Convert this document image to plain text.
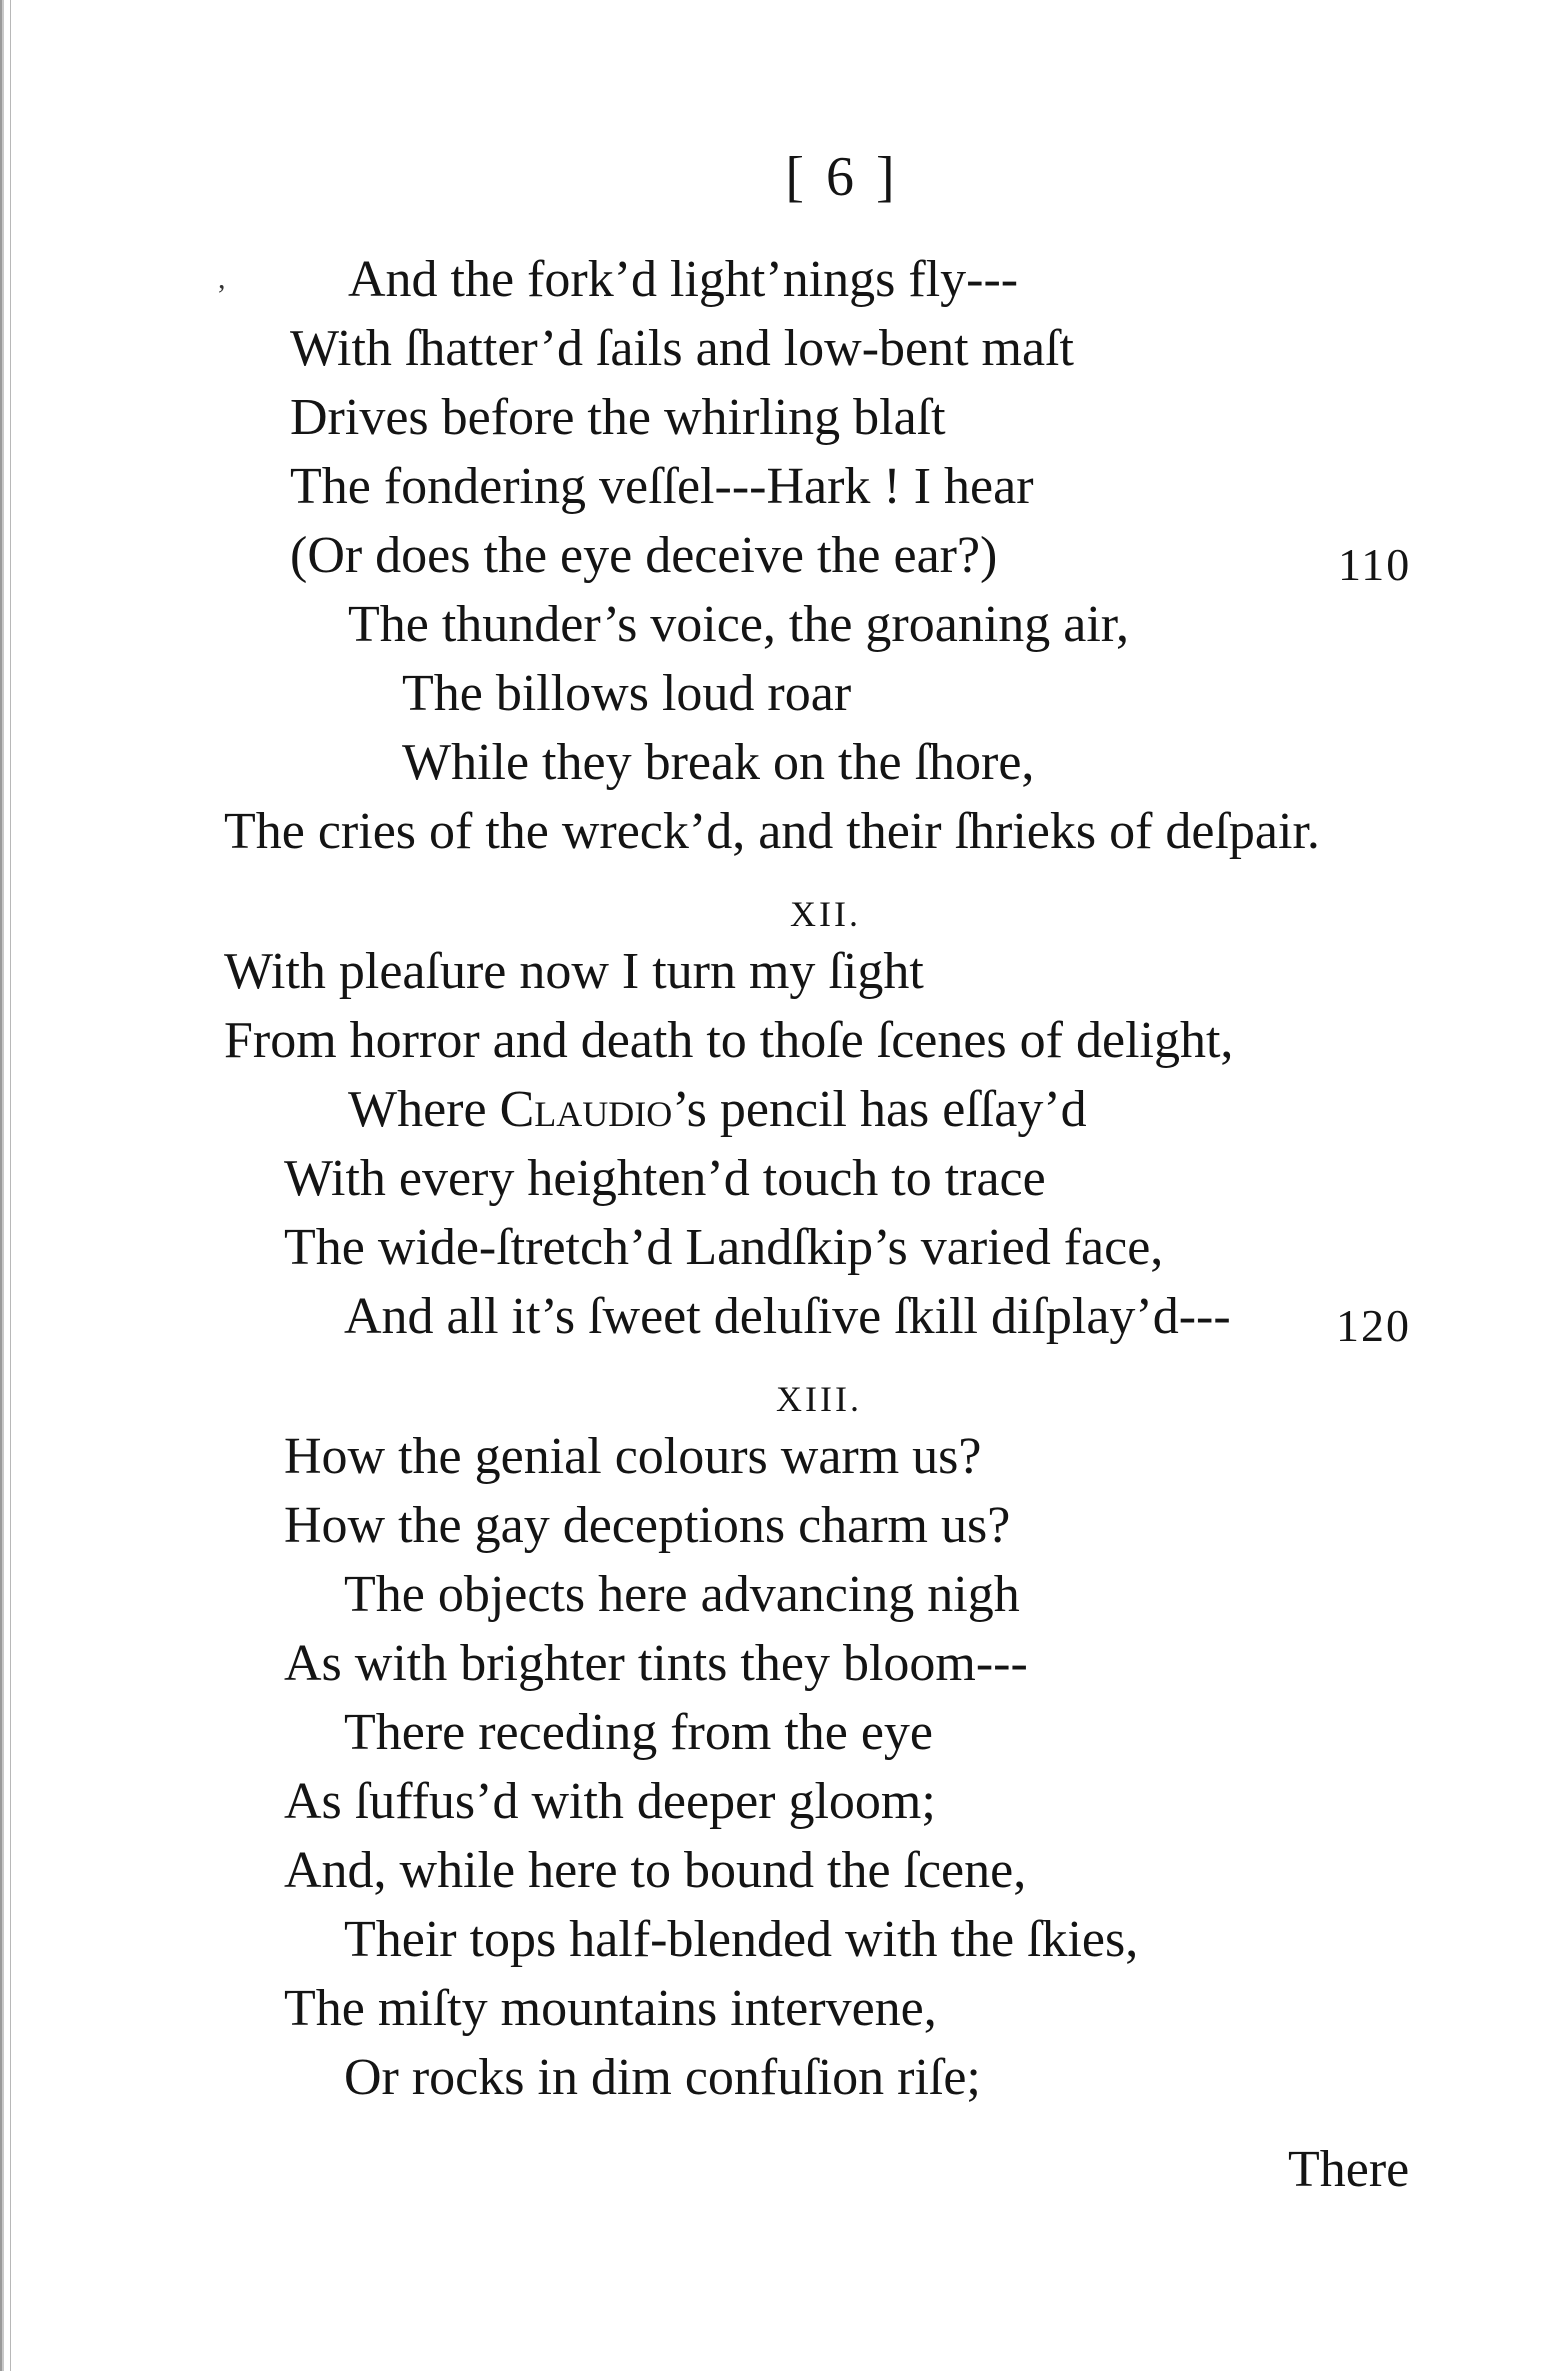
[ 6 ]
, And the fork’d light’nings fly---
With ſhatter’d ſails and low-bent maſt
Drives before the whirling blaſt
The fondering veſſel---Hark ! I hear
(Or does the eye deceive the ear?)	110
The thunder’s voice, the groaning air,
The billows loud roar
While they break on the ſhore,
The cries of the wreck’d, and their ſhrieks of deſpair.
XII.
With pleaſure now I turn my ſight
From horror and death to thoſe ſcenes of delight,
Where Claudio’s pencil has eſſay’d
With every heighten’d touch to trace
The wide-ſtretch’d Landſkip’s varied face,
And all it’s ſweet deluſive ſkill diſplay’d--- 120
XIII.
How the genial colours warm us?
How the gay deceptions charm us?
The objects here advancing nigh
As with brighter tints they bloom---
There receding from the eye
As ſuffus’d with deeper gloom;
And, while here to bound the ſcene,
Their tops half-blended with the ſkies,
The miſty mountains intervene,
Or rocks in dim confuſion riſe;
There
